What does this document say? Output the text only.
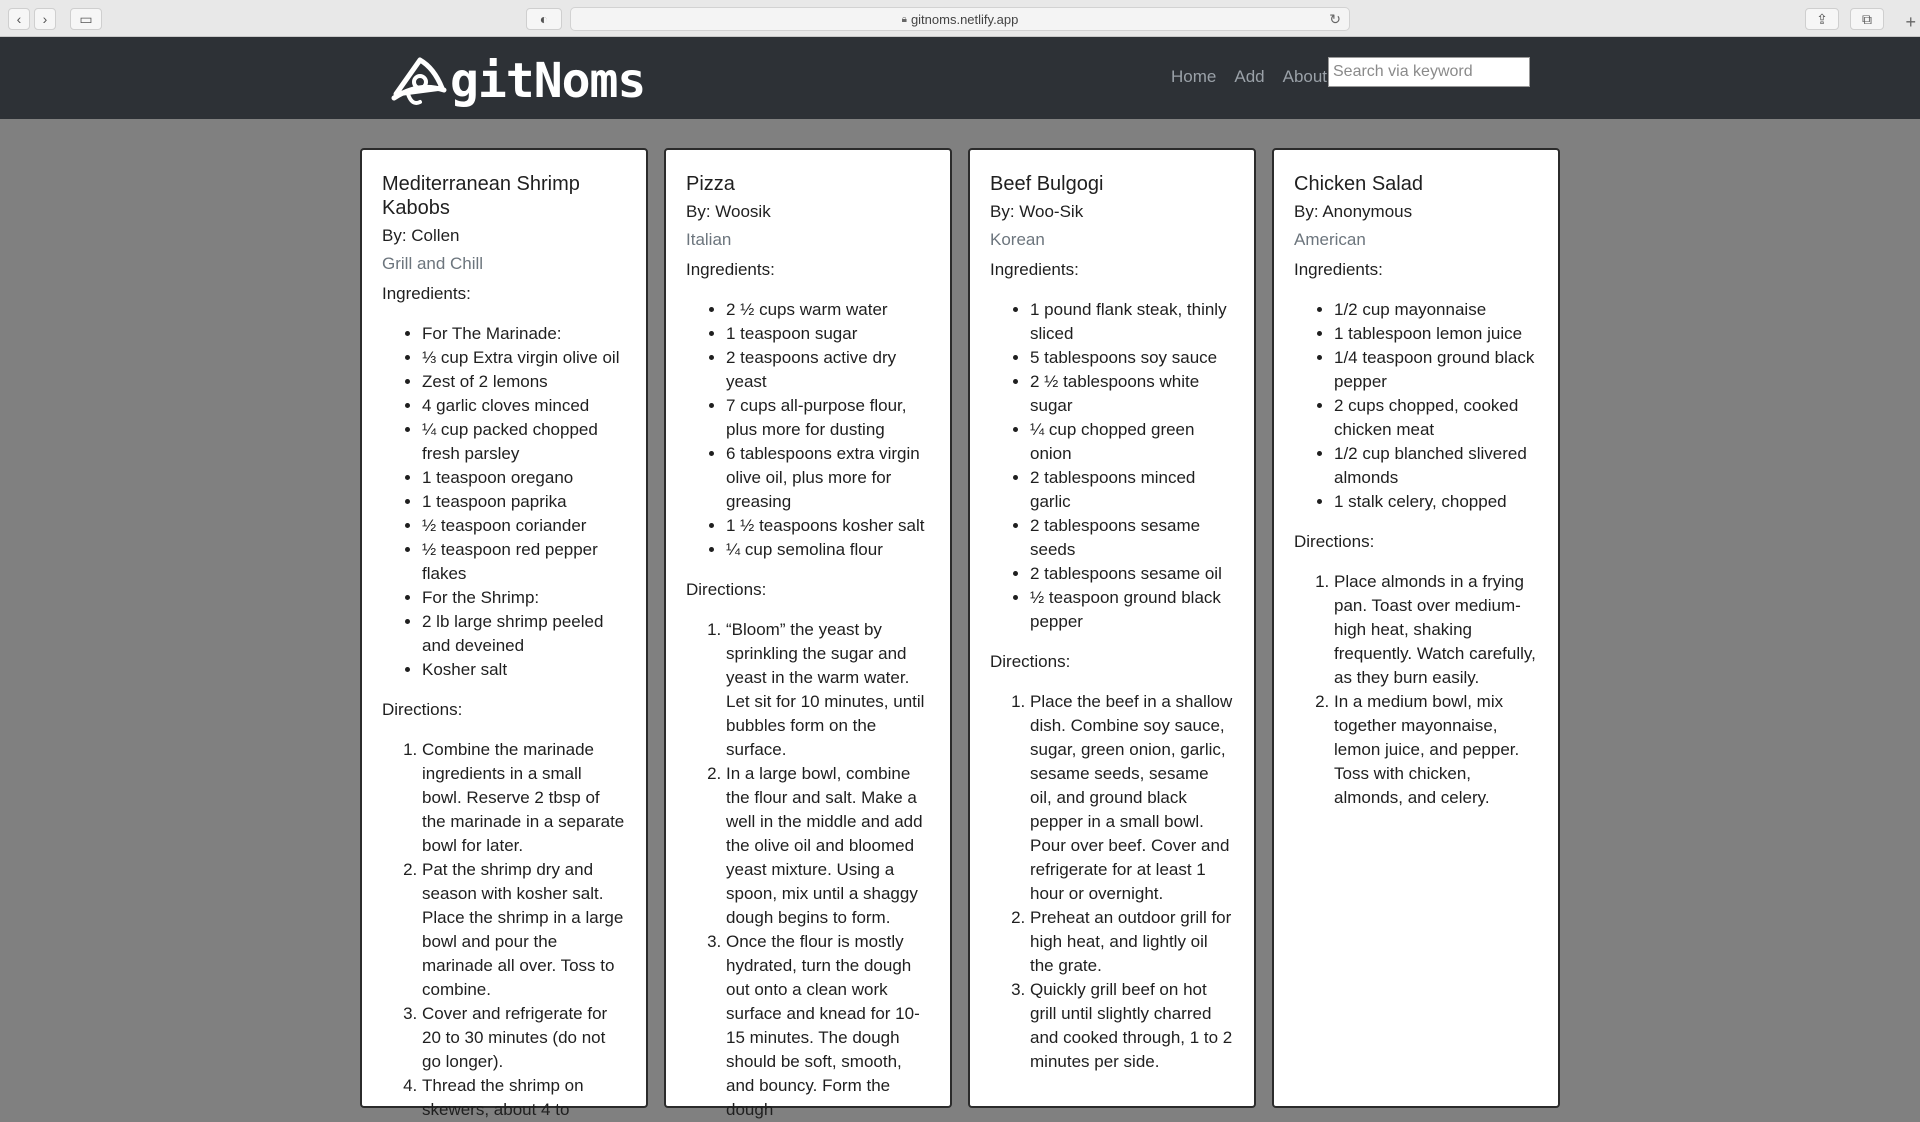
‹	›	▭	◐	🔒︎ gitnoms.netlify.app	↻	⇪	⧉	+
gitNoms	Home Add About
Search via keyword
Mediterranean Shrimp Kabobs
By: Collen
Grill and Chill
Ingredients:
• For The Marinade:
• ⅓ cup Extra virgin olive oil
• Zest of 2 lemons
• 4 garlic cloves minced
• ¼ cup packed chopped fresh parsley
• 1 teaspoon oregano
• 1 teaspoon paprika
• ½ teaspoon coriander
• ½ teaspoon red pepper flakes
• For the Shrimp:
• 2 lb large shrimp peeled and deveined
• Kosher salt
Directions:
1. Combine the marinade ingredients in a small bowl. Reserve 2 tbsp of the marinade in a separate bowl for later.
2. Pat the shrimp dry and season with kosher salt. Place the shrimp in a large bowl and pour the marinade all over. Toss to combine.
3. Cover and refrigerate for 20 to 30 minutes (do not go longer).
4. Thread the shrimp on skewers, about 4 to
Pizza
By: Woosik
Italian
Ingredients:
• 2 ½ cups warm water
• 1 teaspoon sugar
• 2 teaspoons active dry yeast
• 7 cups all-purpose flour, plus more for dusting
• 6 tablespoons extra virgin olive oil, plus more for greasing
• 1 ½ teaspoons kosher salt
• ¼ cup semolina flour
Directions:
1. “Bloom” the yeast by sprinkling the sugar and yeast in the warm water. Let sit for 10 minutes, until bubbles form on the surface.
2. In a large bowl, combine the flour and salt. Make a well in the middle and add the olive oil and bloomed yeast mixture. Using a spoon, mix until a shaggy dough begins to form.
3. Once the flour is mostly hydrated, turn the dough out onto a clean work surface and knead for 10-15 minutes. The dough should be soft, smooth, and bouncy. Form the dough
Beef Bulgogi
By: Woo-Sik
Korean
Ingredients:
• 1 pound flank steak, thinly sliced
• 5 tablespoons soy sauce
• 2 ½ tablespoons white sugar
• ¼ cup chopped green onion
• 2 tablespoons minced garlic
• 2 tablespoons sesame seeds
• 2 tablespoons sesame oil
• ½ teaspoon ground black pepper
Directions:
1. Place the beef in a shallow dish. Combine soy sauce, sugar, green onion, garlic, sesame seeds, sesame oil, and ground black pepper in a small bowl. Pour over beef. Cover and refrigerate for at least 1 hour or overnight.
2. Preheat an outdoor grill for high heat, and lightly oil the grate.
3. Quickly grill beef on hot grill until slightly charred and cooked through, 1 to 2 minutes per side.
Chicken Salad
By: Anonymous
American
Ingredients:
• 1/2 cup mayonnaise
• 1 tablespoon lemon juice
• 1/4 teaspoon ground black pepper
• 2 cups chopped, cooked chicken meat
• 1/2 cup blanched slivered almonds
• 1 stalk celery, chopped
Directions:
1. Place almonds in a frying pan. Toast over medium-high heat, shaking frequently. Watch carefully, as they burn easily.
2. In a medium bowl, mix together mayonnaise, lemon juice, and pepper. Toss with chicken, almonds, and celery.
